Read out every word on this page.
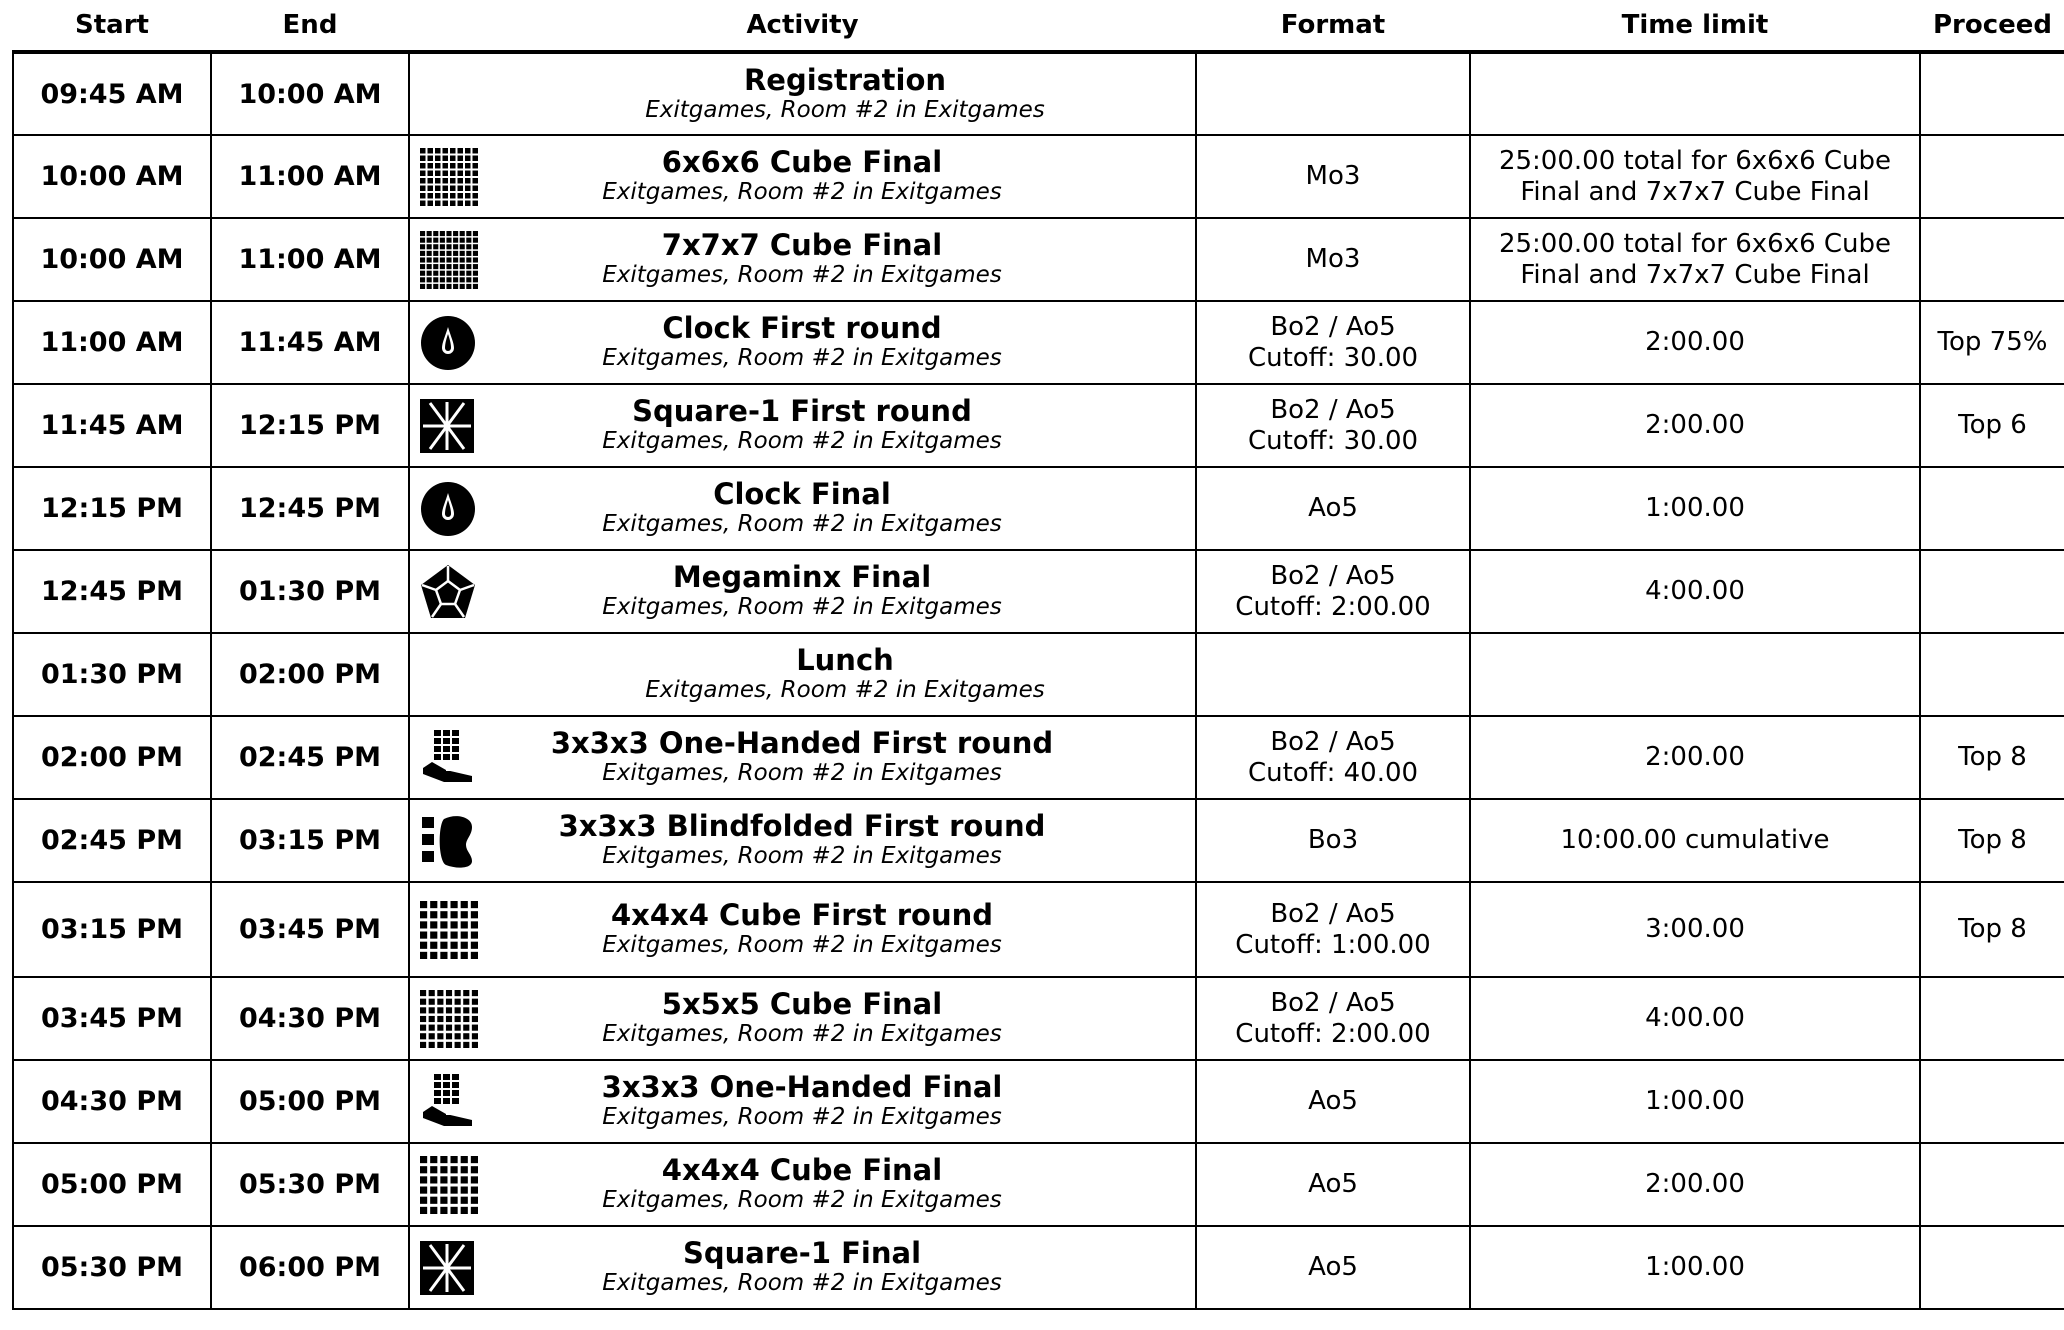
Start	End	Activity		Format	Time limit	Proceed
09:45 AM	10:00 AM		Registration
Exitgames, Room #2 in Exitgames			

10:00 AM	11:00 AM		6x6x6 Cube Final
Exitgames, Room #2 in Exitgames	Mo3	25:00.00 total for 6x6x6 Cube
Final and 7x7x7 Cube Final	

10:00 AM	11:00 AM		7x7x7 Cube Final
Exitgames, Room #2 in Exitgames	Mo3	25:00.00 total for 6x6x6 Cube
Final and 7x7x7 Cube Final	

11:00 AM	11:45 AM		Clock First round
Exitgames, Room #2 in Exitgames	Bo2 / Ao5
Cutoff: 30.00	2:00.00	Top 75%
11:45 AM	12:15 PM		Square-1 First round
Exitgames, Room #2 in Exitgames	Bo2 / Ao5
Cutoff: 30.00	2:00.00	Top 6
12:15 PM	12:45 PM		Clock Final
Exitgames, Room #2 in Exitgames	Ao5	1:00.00	

12:45 PM	01:30 PM		Megaminx Final
Exitgames, Room #2 in Exitgames	Bo2 / Ao5
Cutoff: 2:00.00	4:00.00	

01:30 PM	02:00 PM		Lunch
Exitgames, Room #2 in Exitgames			

02:00 PM	02:45 PM		3x3x3 One-Handed First round
Exitgames, Room #2 in Exitgames	Bo2 / Ao5
Cutoff: 40.00	2:00.00	Top 8
02:45 PM	03:15 PM		3x3x3 Blindfolded First round
Exitgames, Room #2 in Exitgames	Bo3	10:00.00 cumulative	Top 8
03:15 PM	03:45 PM		4x4x4 Cube First round
Exitgames, Room #2 in Exitgames	Bo2 / Ao5
Cutoff: 1:00.00	3:00.00	Top 8
03:45 PM	04:30 PM		5x5x5 Cube Final
Exitgames, Room #2 in Exitgames	Bo2 / Ao5
Cutoff: 2:00.00	4:00.00	

04:30 PM	05:00 PM		3x3x3 One-Handed Final
Exitgames, Room #2 in Exitgames	Ao5	1:00.00	

05:00 PM	05:30 PM		4x4x4 Cube Final
Exitgames, Room #2 in Exitgames	Ao5	2:00.00	

05:30 PM	06:00 PM		Square-1 Final
Exitgames, Room #2 in Exitgames	Ao5	1:00.00	
